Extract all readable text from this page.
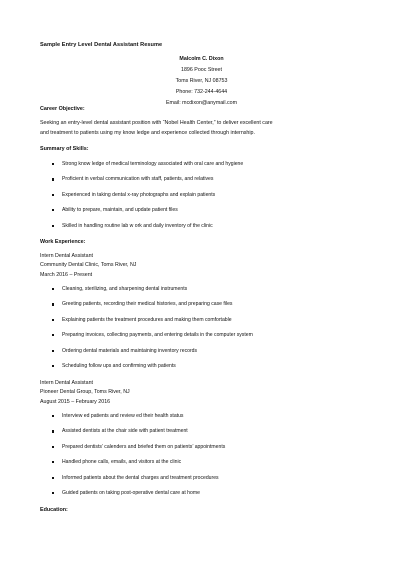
Sample Entry Level Dental Assistant Resume
Malcolm C. Dixon
1896 Pooc Street
Toms River, NJ 08753
Phone: 732-244-4644
Email: mcdixon@anymail.com
Career Objective:
Seeking an entry-level dental assistant position with “Nobel Health Center,” to deliver excellent care
and treatment to patients using my know ledge and experience collected through internship.
Summary of Skills:
Strong know ledge of medical terminology associated with oral care and hygiene
Proficient in verbal communication with staff, patients, and relatives
Experienced in taking dental x-ray photographs and explain patients
Ability to prepare, maintain, and update patient files
Skilled in handling routine lab w ork and daily inventory of the clinic
Work Experience:
Intern Dental Assistant
Community Dental Clinic, Toms River, NJ
March 2016 – Present
Cleaning, sterilizing, and sharpening dental instruments
Greeting patients, recording their medical histories, and preparing case files
Explaining patients the treatment procedures and making them comfortable
Preparing invoices, collecting payments, and entering details in the computer system
Ordering dental materials and maintaining inventory records
Scheduling follow ups and confirming with patients
Intern Dental Assistant
Pioneer Dental Group, Toms River, NJ
August 2015 – February 2016
Interview ed patients and review ed their health status
Assisted dentists at the chair side with patient treatment
Prepared dentists’ calenders and briefed them on patients’ appointments
Handled phone calls, emails, and visitors at the clinic
Informed patients about the dental charges and treatment procedures
Guided patients on taking post-operative dental care at home
Education:
